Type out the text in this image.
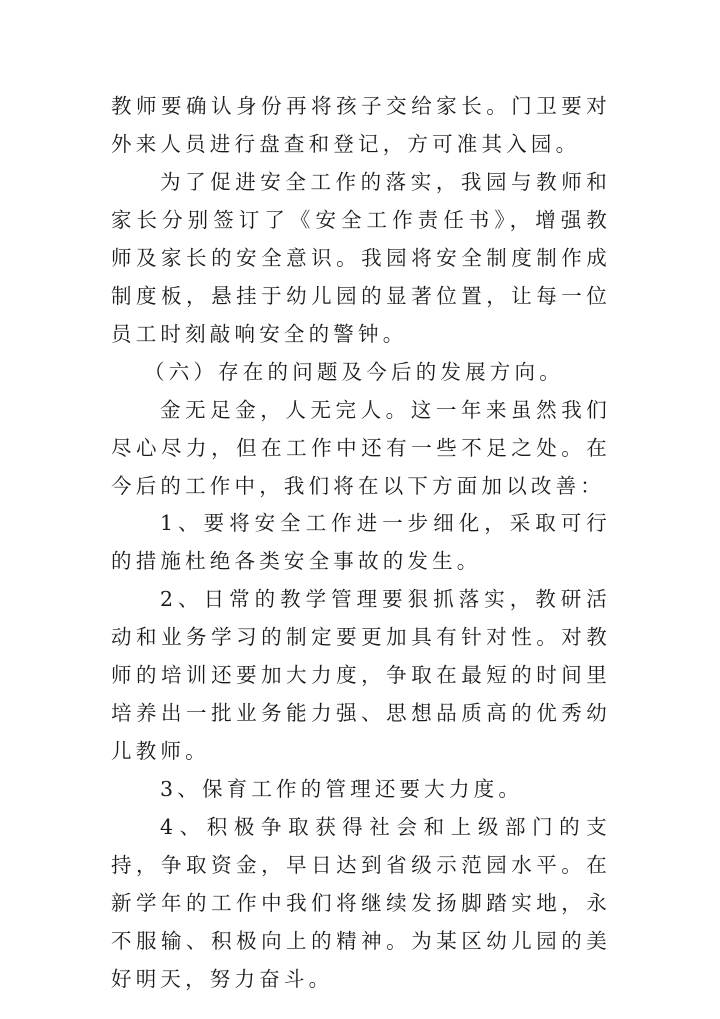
教师要确认身份再将孩子交给家长。门卫要对外来人员进行盘查和登记，方可准其入园。

为了促进安全工作的落实，我园与教师和家长分别签订了《安全工作责任书》，增强教师及家长的安全意识。我园将安全制度制作成制度板，悬挂于幼儿园的显著位置，让每一位员工时刻敲响安全的警钟。

（六）存在的问题及今后的发展方向。

金无足金，人无完人。这一年来虽然我们尽心尽力，但在工作中还有一些不足之处。在今后的工作中，我们将在以下方面加以改善：

1、要将安全工作进一步细化，采取可行的措施杜绝各类安全事故的发生。

2、日常的教学管理要狠抓落实，教研活动和业务学习的制定要更加具有针对性。对教师的培训还要加大力度，争取在最短的时间里培养出一批业务能力强、思想品质高的优秀幼儿教师。

3、保育工作的管理还要大力度。

4、积极争取获得社会和上级部门的支持，争取资金，早日达到省级示范园水平。在新学年的工作中我们将继续发扬脚踏实地，永不服输、积极向上的精神。为某区幼儿园的美好明天，努力奋斗。
